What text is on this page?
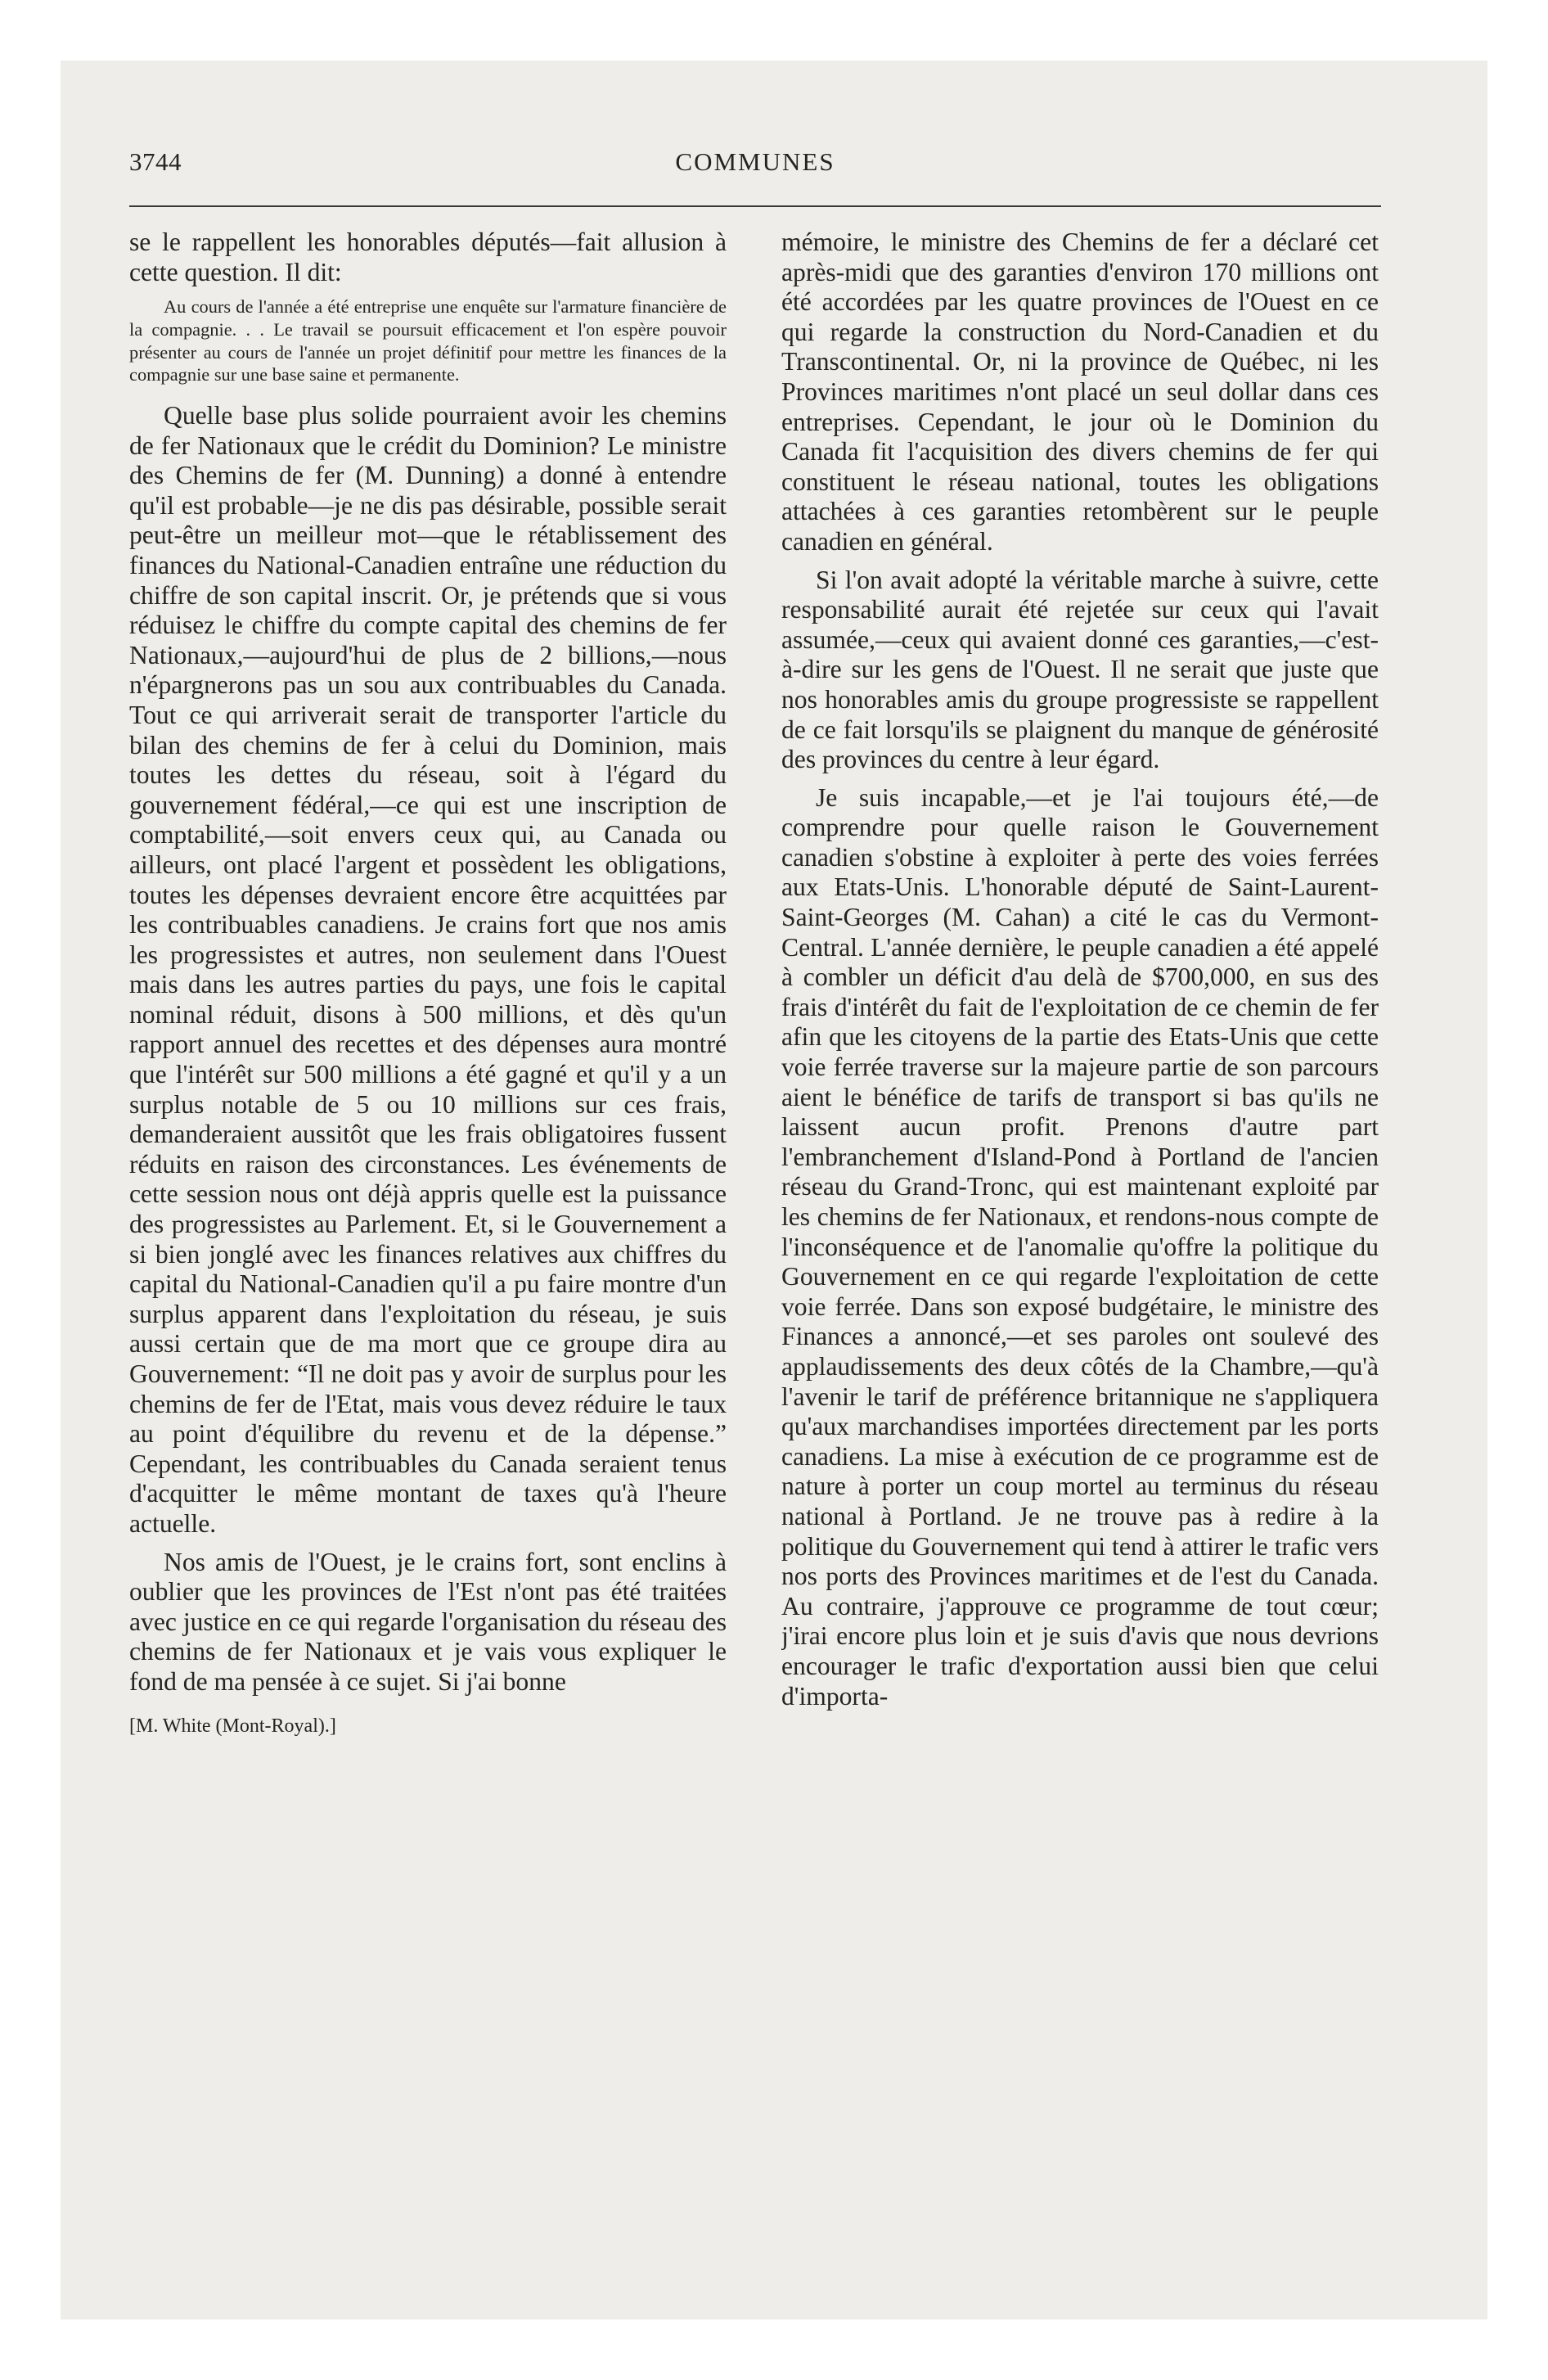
3744	COMMUNES

se le rappellent les honorables députés—fait allusion à cette question. Il dit:

Au cours de l'année a été entreprise une enquête sur l'armature financière de la compagnie. . . Le travail se poursuit efficacement et l'on espère pouvoir présenter au cours de l'année un projet définitif pour mettre les finances de la compagnie sur une base saine et permanente.

Quelle base plus solide pourraient avoir les chemins de fer Nationaux que le crédit du Dominion? Le ministre des Chemins de fer (M. Dunning) a donné à entendre qu'il est probable—je ne dis pas désirable, possible serait peut-être un meilleur mot—que le rétablissement des finances du National-Canadien entraîne une réduction du chiffre de son capital inscrit. Or, je prétends que si vous réduisez le chiffre du compte capital des chemins de fer Nationaux,—aujourd'hui de plus de 2 billions,—nous n'épargnerons pas un sou aux contribuables du Canada. Tout ce qui arriverait serait de transporter l'article du bilan des chemins de fer à celui du Dominion, mais toutes les dettes du réseau, soit à l'égard du gouvernement fédéral,—ce qui est une inscription de comptabilité,—soit envers ceux qui, au Canada ou ailleurs, ont placé l'argent et possèdent les obligations, toutes les dépenses devraient encore être acquittées par les contribuables canadiens. Je crains fort que nos amis les progressistes et autres, non seulement dans l'Ouest mais dans les autres parties du pays, une fois le capital nominal réduit, disons à 500 millions, et dès qu'un rapport annuel des recettes et des dépenses aura montré que l'intérêt sur 500 millions a été gagné et qu'il y a un surplus notable de 5 ou 10 millions sur ces frais, demanderaient aussitôt que les frais obligatoires fussent réduits en raison des circonstances. Les événements de cette session nous ont déjà appris quelle est la puissance des progressistes au Parlement. Et, si le Gouvernement a si bien jonglé avec les finances relatives aux chiffres du capital du National-Canadien qu'il a pu faire montre d'un surplus apparent dans l'exploitation du réseau, je suis aussi certain que de ma mort que ce groupe dira au Gouvernement: “Il ne doit pas y avoir de surplus pour les chemins de fer de l'Etat, mais vous devez réduire le taux au point d'équilibre du revenu et de la dépense.” Cependant, les contribuables du Canada seraient tenus d'acquitter le même montant de taxes qu'à l'heure actuelle.

Nos amis de l'Ouest, je le crains fort, sont enclins à oublier que les provinces de l'Est n'ont pas été traitées avec justice en ce qui regarde l'organisation du réseau des chemins de fer Nationaux et je vais vous expliquer le fond de ma pensée à ce sujet. Si j'ai bonne

[M. White (Mont-Royal).]

mémoire, le ministre des Chemins de fer a déclaré cet après-midi que des garanties d'environ 170 millions ont été accordées par les quatre provinces de l'Ouest en ce qui regarde la construction du Nord-Canadien et du Transcontinental. Or, ni la province de Québec, ni les Provinces maritimes n'ont placé un seul dollar dans ces entreprises. Cependant, le jour où le Dominion du Canada fit l'acquisition des divers chemins de fer qui constituent le réseau national, toutes les obligations attachées à ces garanties retombèrent sur le peuple canadien en général.

Si l'on avait adopté la véritable marche à suivre, cette responsabilité aurait été rejetée sur ceux qui l'avait assumée,—ceux qui avaient donné ces garanties,—c'est-à-dire sur les gens de l'Ouest. Il ne serait que juste que nos honorables amis du groupe progressiste se rappellent de ce fait lorsqu'ils se plaignent du manque de générosité des provinces du centre à leur égard.

Je suis incapable,—et je l'ai toujours été,—de comprendre pour quelle raison le Gouvernement canadien s'obstine à exploiter à perte des voies ferrées aux Etats-Unis. L'honorable député de Saint-Laurent-Saint-Georges (M. Cahan) a cité le cas du Vermont-Central. L'année dernière, le peuple canadien a été appelé à combler un déficit d'au delà de $700,000, en sus des frais d'intérêt du fait de l'exploitation de ce chemin de fer afin que les citoyens de la partie des Etats-Unis que cette voie ferrée traverse sur la majeure partie de son parcours aient le bénéfice de tarifs de transport si bas qu'ils ne laissent aucun profit. Prenons d'autre part l'embranchement d'Island-Pond à Portland de l'ancien réseau du Grand-Tronc, qui est maintenant exploité par les chemins de fer Nationaux, et rendons-nous compte de l'inconséquence et de l'anomalie qu'offre la politique du Gouvernement en ce qui regarde l'exploitation de cette voie ferrée. Dans son exposé budgétaire, le ministre des Finances a annoncé,—et ses paroles ont soulevé des applaudissements des deux côtés de la Chambre,—qu'à l'avenir le tarif de préférence britannique ne s'appliquera qu'aux marchandises importées directement par les ports canadiens. La mise à exécution de ce programme est de nature à porter un coup mortel au terminus du réseau national à Portland. Je ne trouve pas à redire à la politique du Gouvernement qui tend à attirer le trafic vers nos ports des Provinces maritimes et de l'est du Canada. Au contraire, j'approuve ce programme de tout cœur; j'irai encore plus loin et je suis d'avis que nous devrions encourager le trafic d'exportation aussi bien que celui d'importa-
